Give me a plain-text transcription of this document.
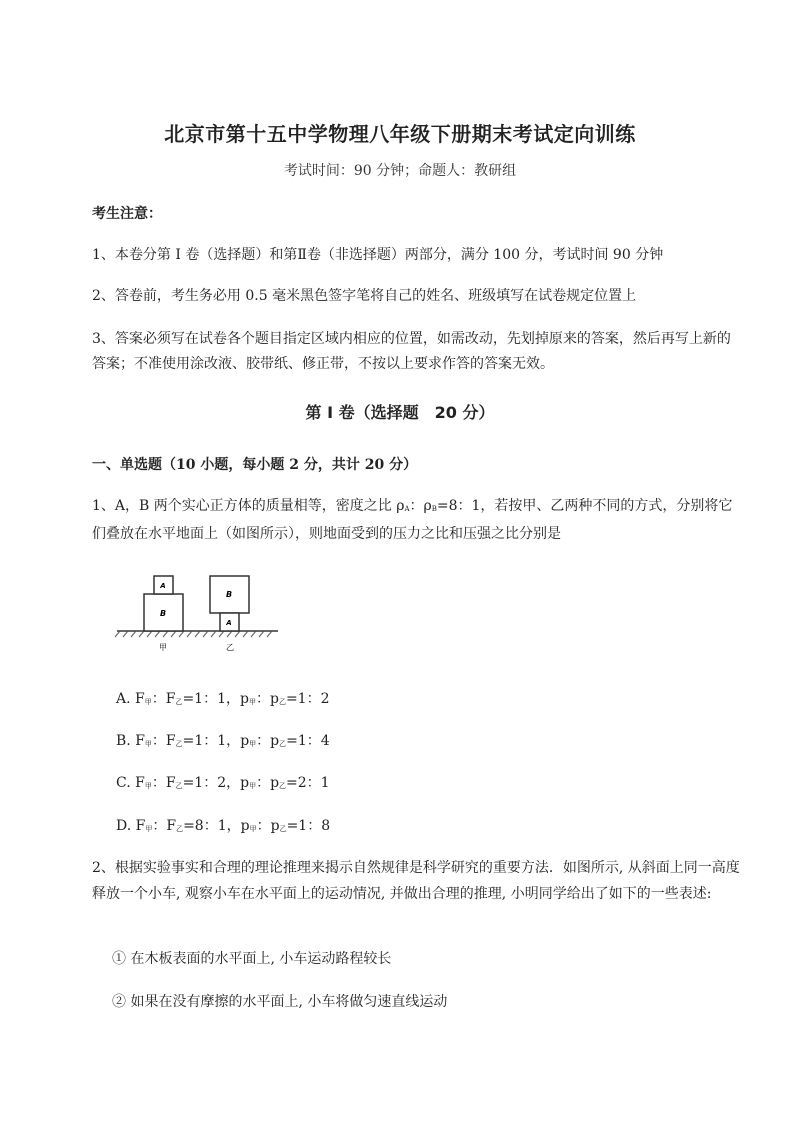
北京市第十五中学物理八年级下册期末考试定向训练
考试时间：90 分钟；命题人：教研组
考生注意：
1、本卷分第 I 卷（选择题）和第Ⅱ卷（非选择题）两部分，满分 100 分，考试时间 90 分钟
2、答卷前，考生务必用 0.5 毫米黑色签字笔将自己的姓名、班级填写在试卷规定位置上
3、答案必须写在试卷各个题目指定区域内相应的位置，如需改动，先划掉原来的答案，然后再写上新的答案；不准使用涂改液、胶带纸、修正带，不按以上要求作答的答案无效。
第 I 卷（选择题　20 分）
一、单选题（10 小题，每小题 2 分，共计 20 分）
1、A，B 两个实心正方体的质量相等，密度之比 ρA：ρB=8：1，若按甲、乙两种不同的方式，分别将它们叠放在水平地面上（如图所示），则地面受到的压力之比和压强之比分别是
B
A
B
A
甲	乙
A. F甲：F乙=1：1，p甲：p乙=1：2
B. F甲：F乙=1：1，p甲：p乙=1：4
C. F甲：F乙=1：2，p甲：p乙=2：1
D. F甲：F乙=8：1，p甲：p乙=1：8
2、根据实验事实和合理的理论推理来揭示自然规律是科学研究的重要方法．如图所示, 从斜面上同一高度释放一个小车, 观察小车在水平面上的运动情况, 并做出合理的推理, 小明同学给出了如下的一些表述:
① 在木板表面的水平面上, 小车运动路程较长
② 如果在没有摩擦的水平面上, 小车将做匀速直线运动
